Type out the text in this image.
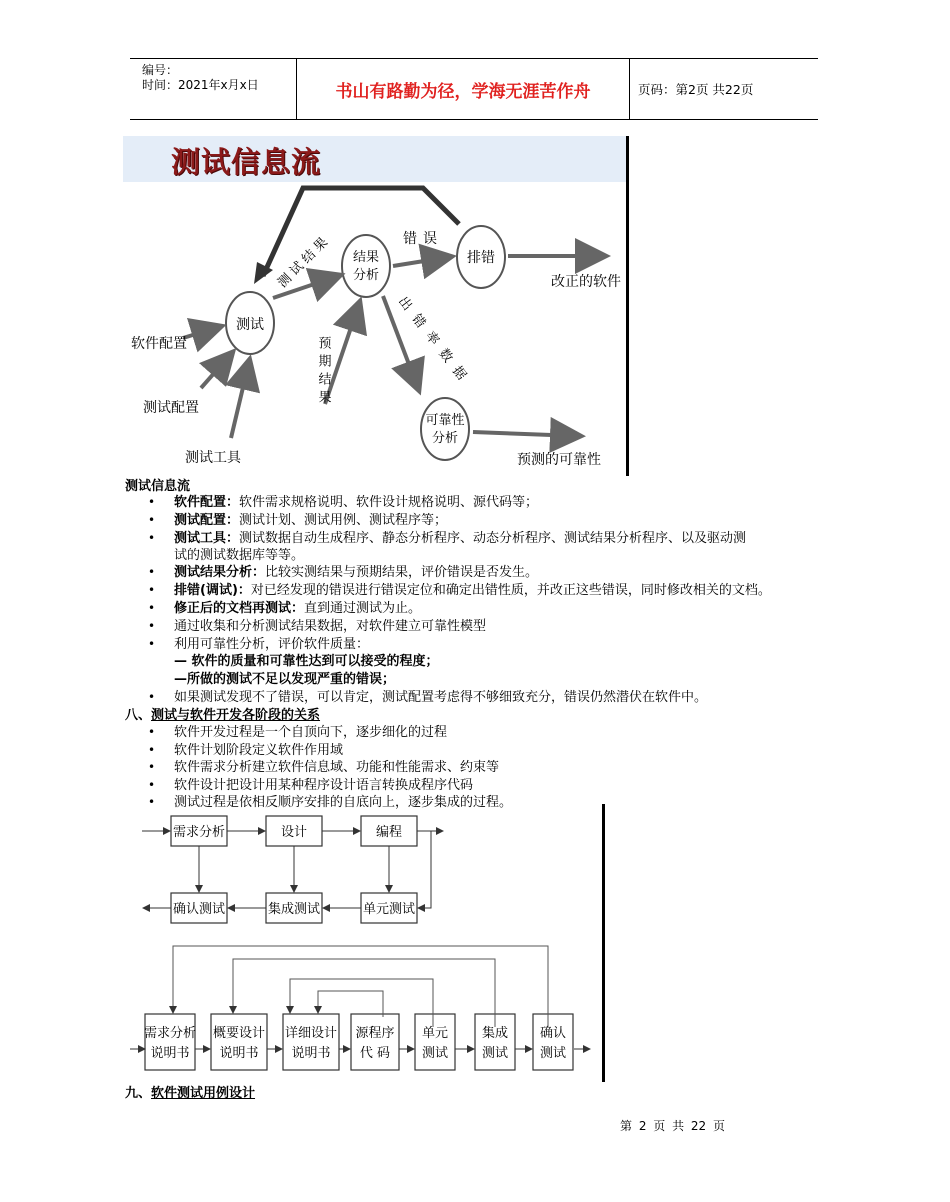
编号：
时间：2021年x月x日	书山有路勤为径，学海无涯苦作舟	页码：第2页 共22页
测试信息流
测试
结果
分析
排错
可靠性
分析
软件配置
测试配置
测试工具
改正的软件
预测的可靠性
错误
测试结果
预期结果	出错率数据
测试信息流
• 软件配置：软件需求规格说明、软件设计规格说明、源代码等；
• 测试配置：测试计划、测试用例、测试程序等；
• 测试工具：测试数据自动生成程序、静态分析程序、动态分析程序、测试结果分析程序、以及驱动测
试的测试数据库等等。
• 测试结果分析：比较实测结果与预期结果，评价错误是否发生。
• 排错(调试)：对已经发现的错误进行错误定位和确定出错性质，并改正这些错误，同时修改相关的文档。
• 修正后的文档再测试：直到通过测试为止。
• 通过收集和分析测试结果数据，对软件建立可靠性模型
• 利用可靠性分析，评价软件质量：
— 软件的质量和可靠性达到可以接受的程度；
—所做的测试不足以发现严重的错误；
• 如果测试发现不了错误，可以肯定，测试配置考虑得不够细致充分，错误仍然潜伏在软件中。
八、测试与软件开发各阶段的关系
• 软件开发过程是一个自顶向下，逐步细化的过程
• 软件计划阶段定义软件作用域
• 软件需求分析建立软件信息域、功能和性能需求、约束等
• 软件设计把设计用某种程序设计语言转换成程序代码
• 测试过程是依相反顺序安排的自底向上，逐步集成的过程。
需求分析	设计	编程
确认测试	集成测试	单元测试
需求分析
说明书
概要设计
说明书
详细设计
说明书
源程序
代 码
单元
测试
集成
测试
确认
测试
九、软件测试用例设计
第 2 页 共 22 页
